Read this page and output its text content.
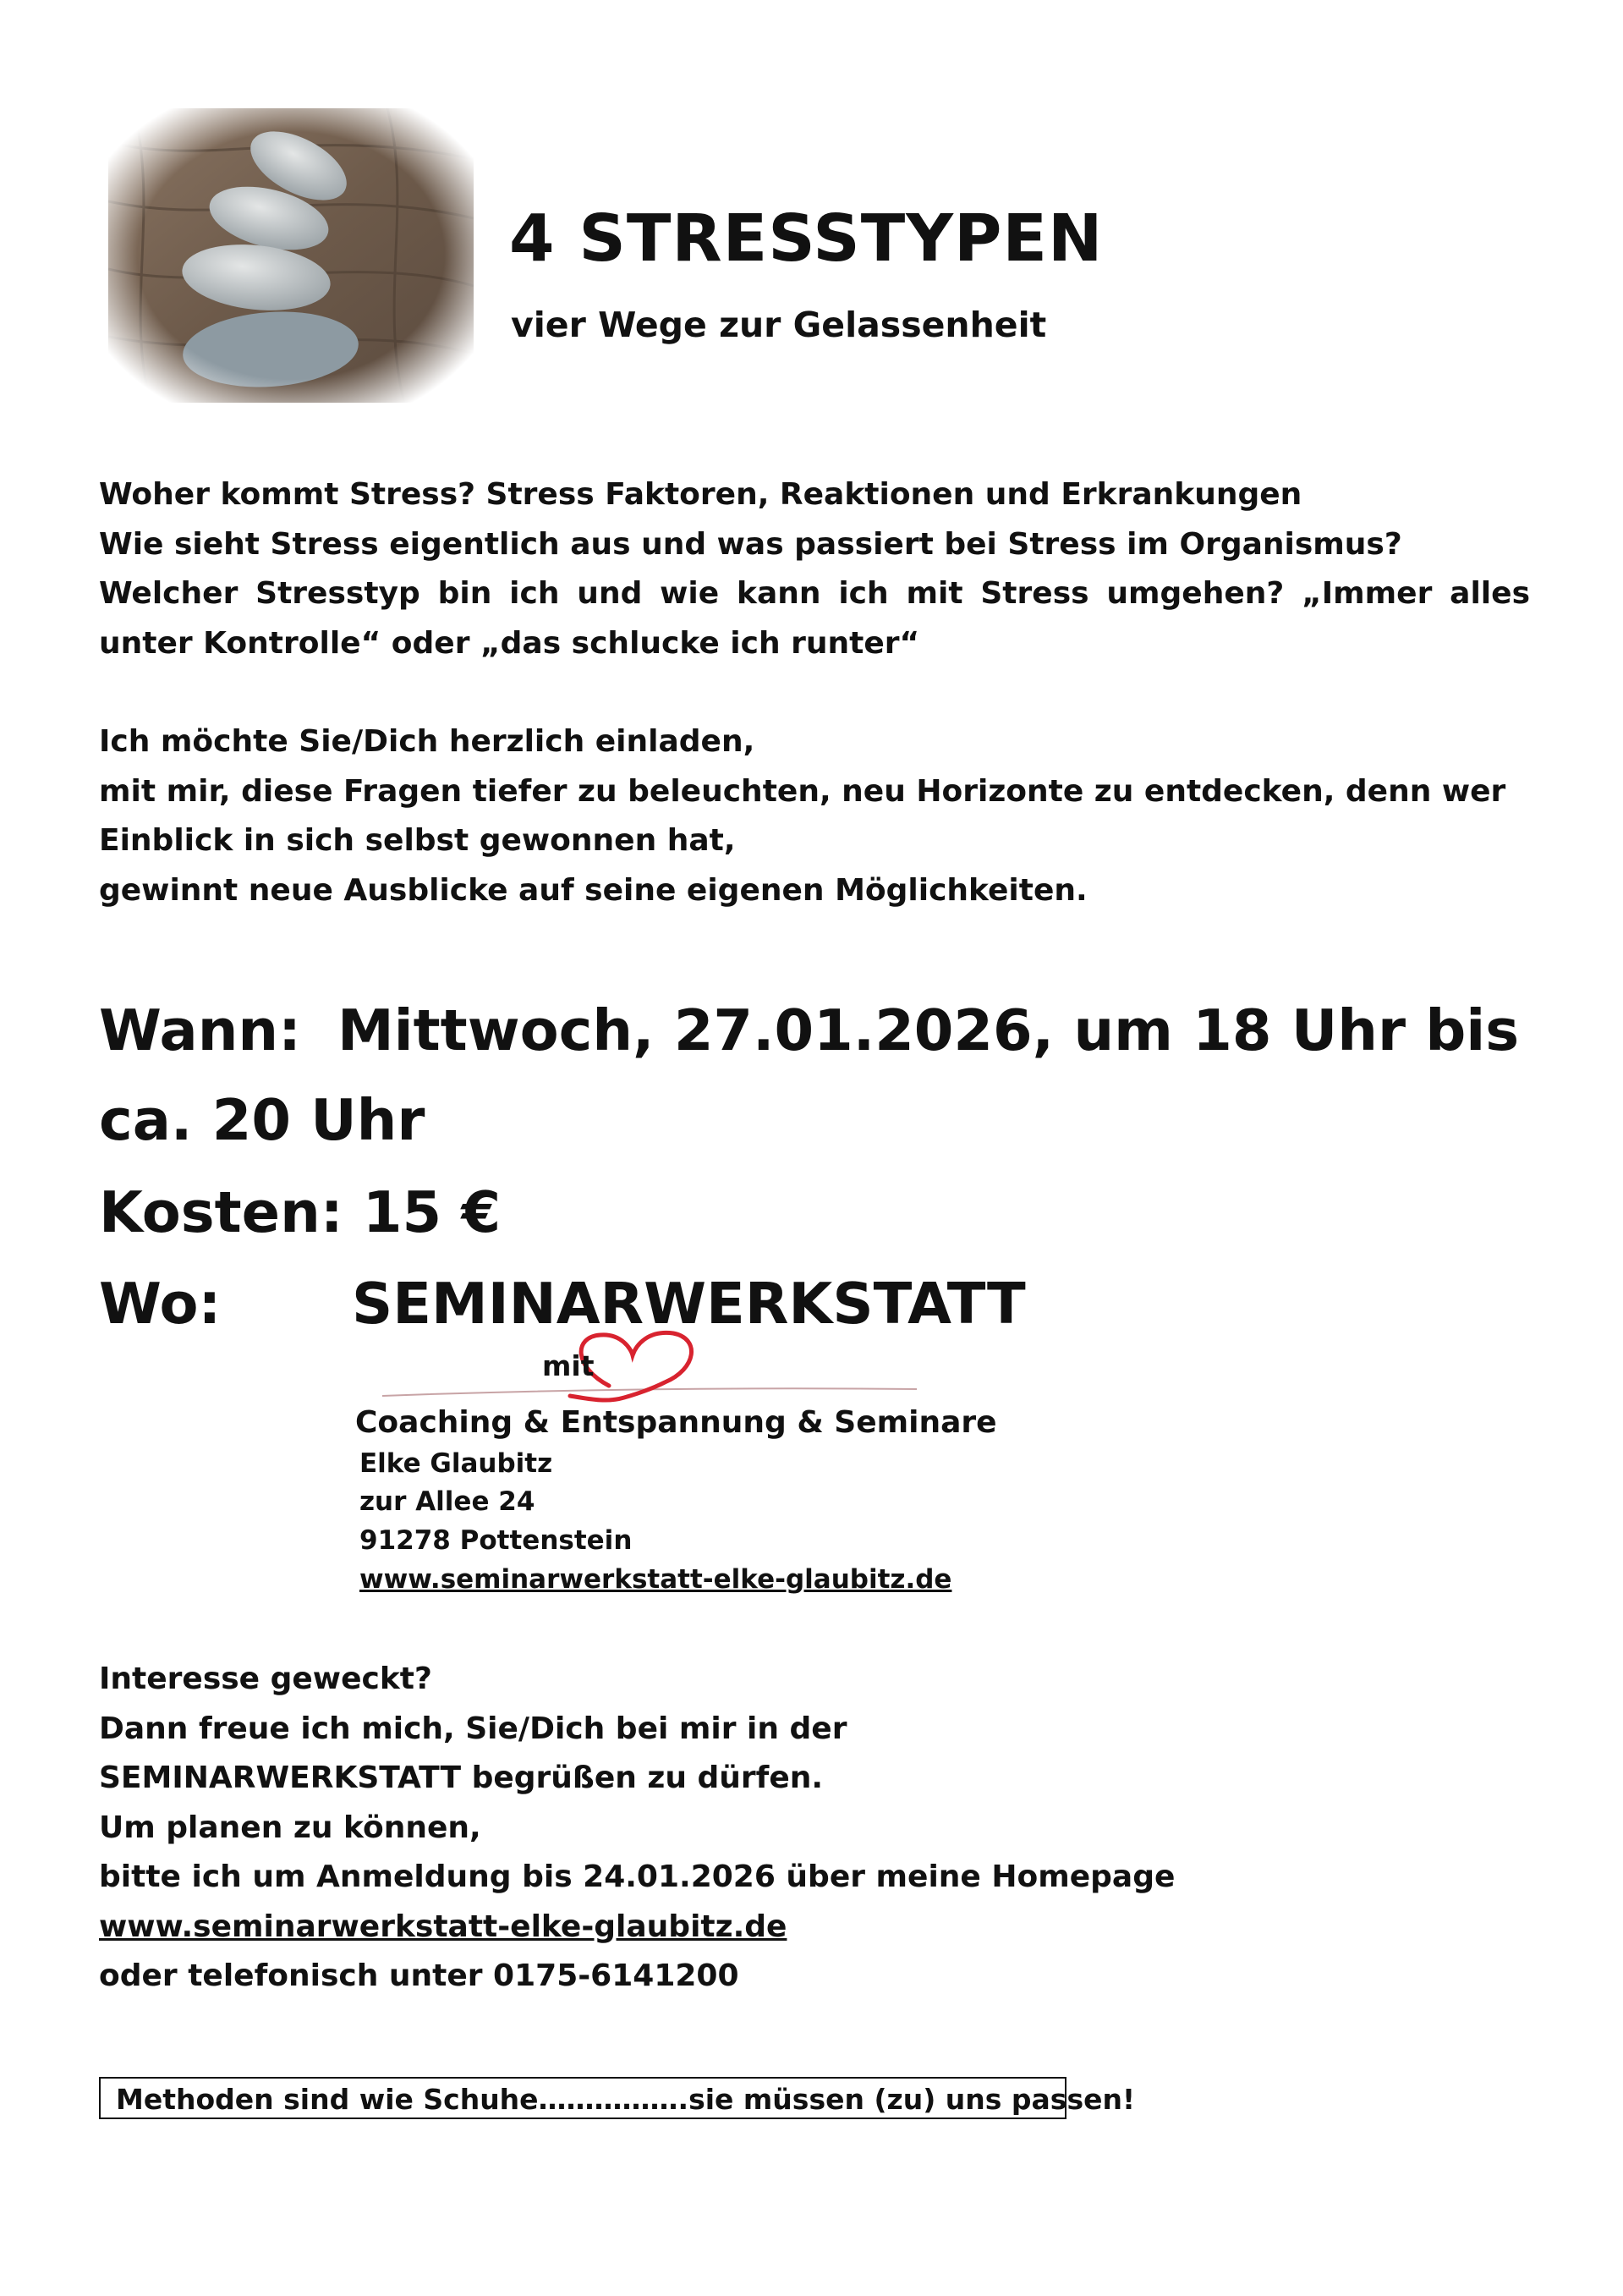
4 STRESSTYPEN
vier Wege zur Gelassenheit

Woher kommt Stress? Stress Faktoren, Reaktionen und Erkrankungen

Wie sieht Stress eigentlich aus und was passiert bei Stress im Organismus?

Welcher Stresstyp bin ich und wie kann ich mit Stress umgehen? „Immer alles unter Kontrolle“ oder „das schlucke ich runter“

Ich möchte Sie/Dich herzlich einladen,

mit mir, diese Fragen tiefer zu beleuchten, neu Horizonte zu entdecken, denn wer

Einblick in sich selbst gewonnen hat,

gewinnt neue Ausblicke auf seine eigenen Möglichkeiten.

Wann: Mittwoch, 27.01.2026, um 18 Uhr bis
ca. 20 Uhr
Kosten: 15 €
Wo: SEMINARWERKSTATT
mit
Coaching & Entspannung & Seminare
Elke Glaubitz
zur Allee 24
91278 Pottenstein
www.seminarwerkstatt-elke-glaubitz.de

Interesse geweckt?

Dann freue ich mich, Sie/Dich bei mir in der

SEMINARWERKSTATT begrüßen zu dürfen.

Um planen zu können,

bitte ich um Anmeldung bis 24.01.2026 über meine Homepage

www.seminarwerkstatt-elke-glaubitz.de

oder telefonisch unter 0175-6141200

Methoden sind wie Schuhe…………….sie müssen (zu) uns passen!
